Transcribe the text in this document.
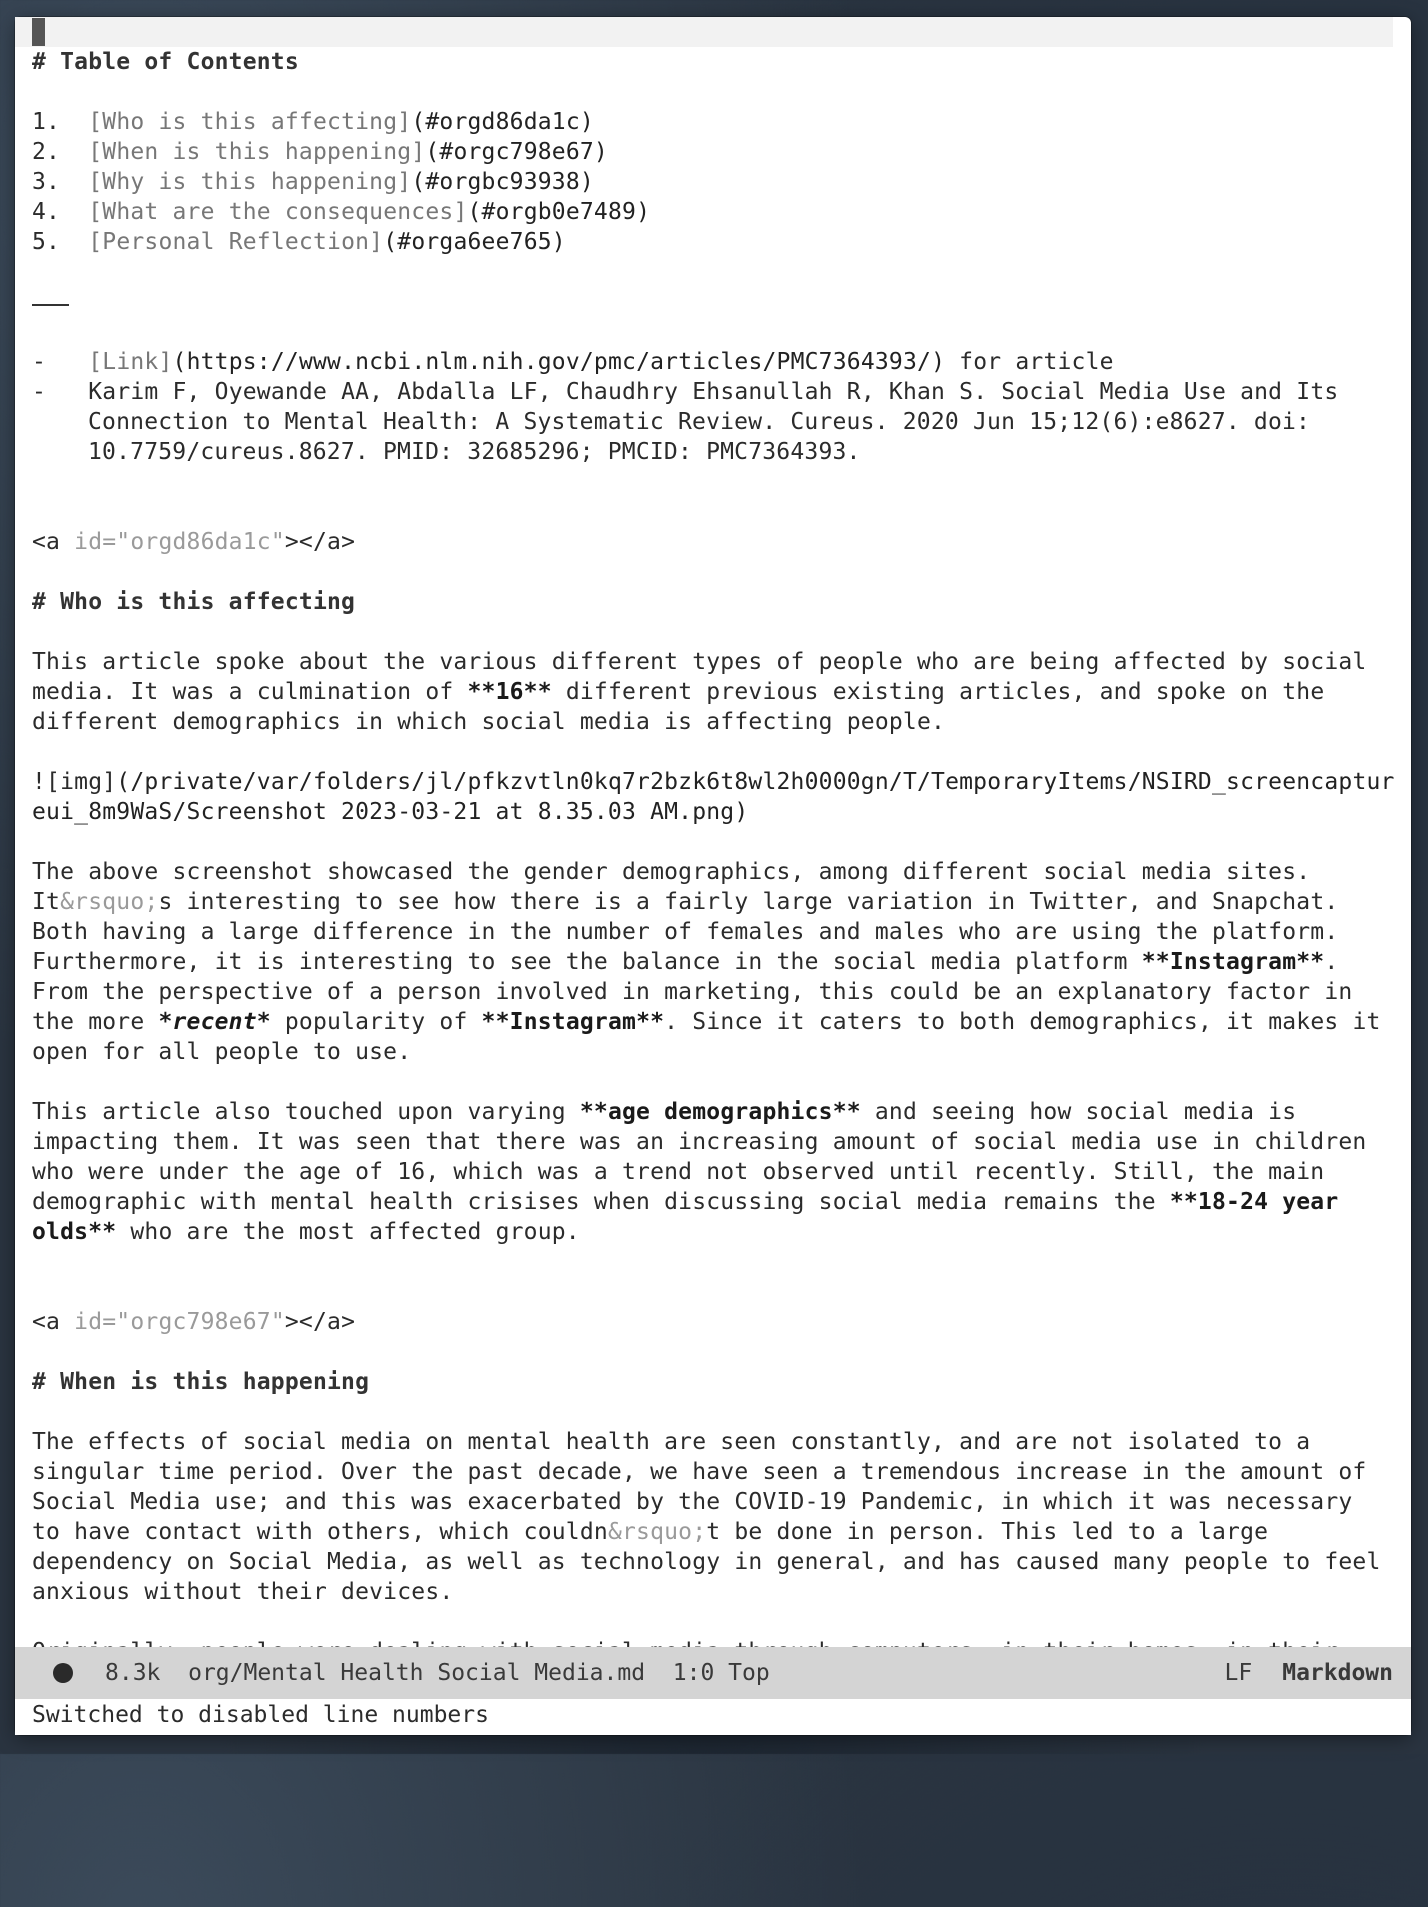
# Table of Contents
1. [Who is this affecting](#orgd86da1c)
2. [When is this happening](#orgc798e67)
3. [Why is this happening](#orgbc93938)
4. [What are the consequences](#orgb0e7489)
5. [Personal Reflection](#orga6ee765)
- [Link](https://www.ncbi.nlm.nih.gov/pmc/articles/PMC7364393/) for article
- Karim F, Oyewande AA, Abdalla LF, Chaudhry Ehsanullah R, Khan S. Social Media Use and Its
Connection to Mental Health: A Systematic Review. Cureus. 2020 Jun 15;12(6):e8627. doi:
10.7759/cureus.8627. PMID: 32685296; PMCID: PMC7364393.
<a id="orgd86da1c"></a>
# Who is this affecting
This article spoke about the various different types of people who are being affected by social
media. It was a culmination of **16** different previous existing articles, and spoke on the
different demographics in which social media is affecting people.
![img](/private/var/folders/jl/pfkzvtln0kq7r2bzk6t8wl2h0000gn/T/TemporaryItems/NSIRD_screencaptur
eui_8m9WaS/Screenshot 2023-03-21 at 8.35.03 AM.png)
The above screenshot showcased the gender demographics, among different social media sites.
It&rsquo;s interesting to see how there is a fairly large variation in Twitter, and Snapchat.
Both having a large difference in the number of females and males who are using the platform.
Furthermore, it is interesting to see the balance in the social media platform **Instagram**.
From the perspective of a person involved in marketing, this could be an explanatory factor in
the more *recent* popularity of **Instagram**. Since it caters to both demographics, it makes it
open for all people to use.
This article also touched upon varying **age demographics** and seeing how social media is
impacting them. It was seen that there was an increasing amount of social media use in children
who were under the age of 16, which was a trend not observed until recently. Still, the main
demographic with mental health crisises when discussing social media remains the **18-24 year
olds** who are the most affected group.
<a id="orgc798e67"></a>
# When is this happening
The effects of social media on mental health are seen constantly, and are not isolated to a
singular time period. Over the past decade, we have seen a tremendous increase in the amount of
Social Media use; and this was exacerbated by the COVID-19 Pandemic, in which it was necessary
to have contact with others, which couldn&rsquo;t be done in person. This led to a large
dependency on Social Media, as well as technology in general, and has caused many people to feel
anxious without their devices.

8.3k org/Mental Health Social Media.md 1:0 Top

	LF Markdown

Switched to disabled line numbers
